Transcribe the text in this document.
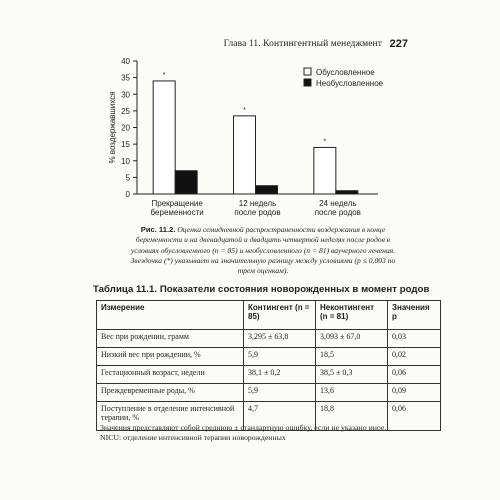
Глава 11. Контингентный менеджмент 227
0
5
10
15
20
25
30
35
40
% воздержавшихся
*
Прекращение
беременности
*
12 недель
после родов
*
24 недель
после родов
Обусловленное
Необусловленное
Рис. 11.2. Оценка семидневной распространенности воздержания в конце беременности и на двенадцатой и двадцать четвертой неделях после родов в условиях обусловленного (n = 85) и необусловленного (n = 81) ваучерного лечения. Звездочка (*) указывает на значительную разницу между условиями (p ≤ 0,003 по трем оценкам).
Таблица 11.1. Показатели состояния новорожденных в момент родов
Измерение	Контингент (n = 85)	Неконтингент (n = 81)	Значения p
Вес при рождении, грамм	3,295 ± 63,8	3,093 ± 67,0	0,03
Низкий вес при рождении, %	5,9	18,5	0,02
Гестационный возраст, недели	38,1 ± 0,2	38,5 ± 0,3	0,06
Преждевременные роды, %	5,9	13,6	0,09
Поступление в отделение интенсивной терапии, %	4,7	18,8	0,06
Значения представляют собой среднюю ± стандартную ошибку, если не указано иное. NICU: отделение интенсивной терапии новорожденных
